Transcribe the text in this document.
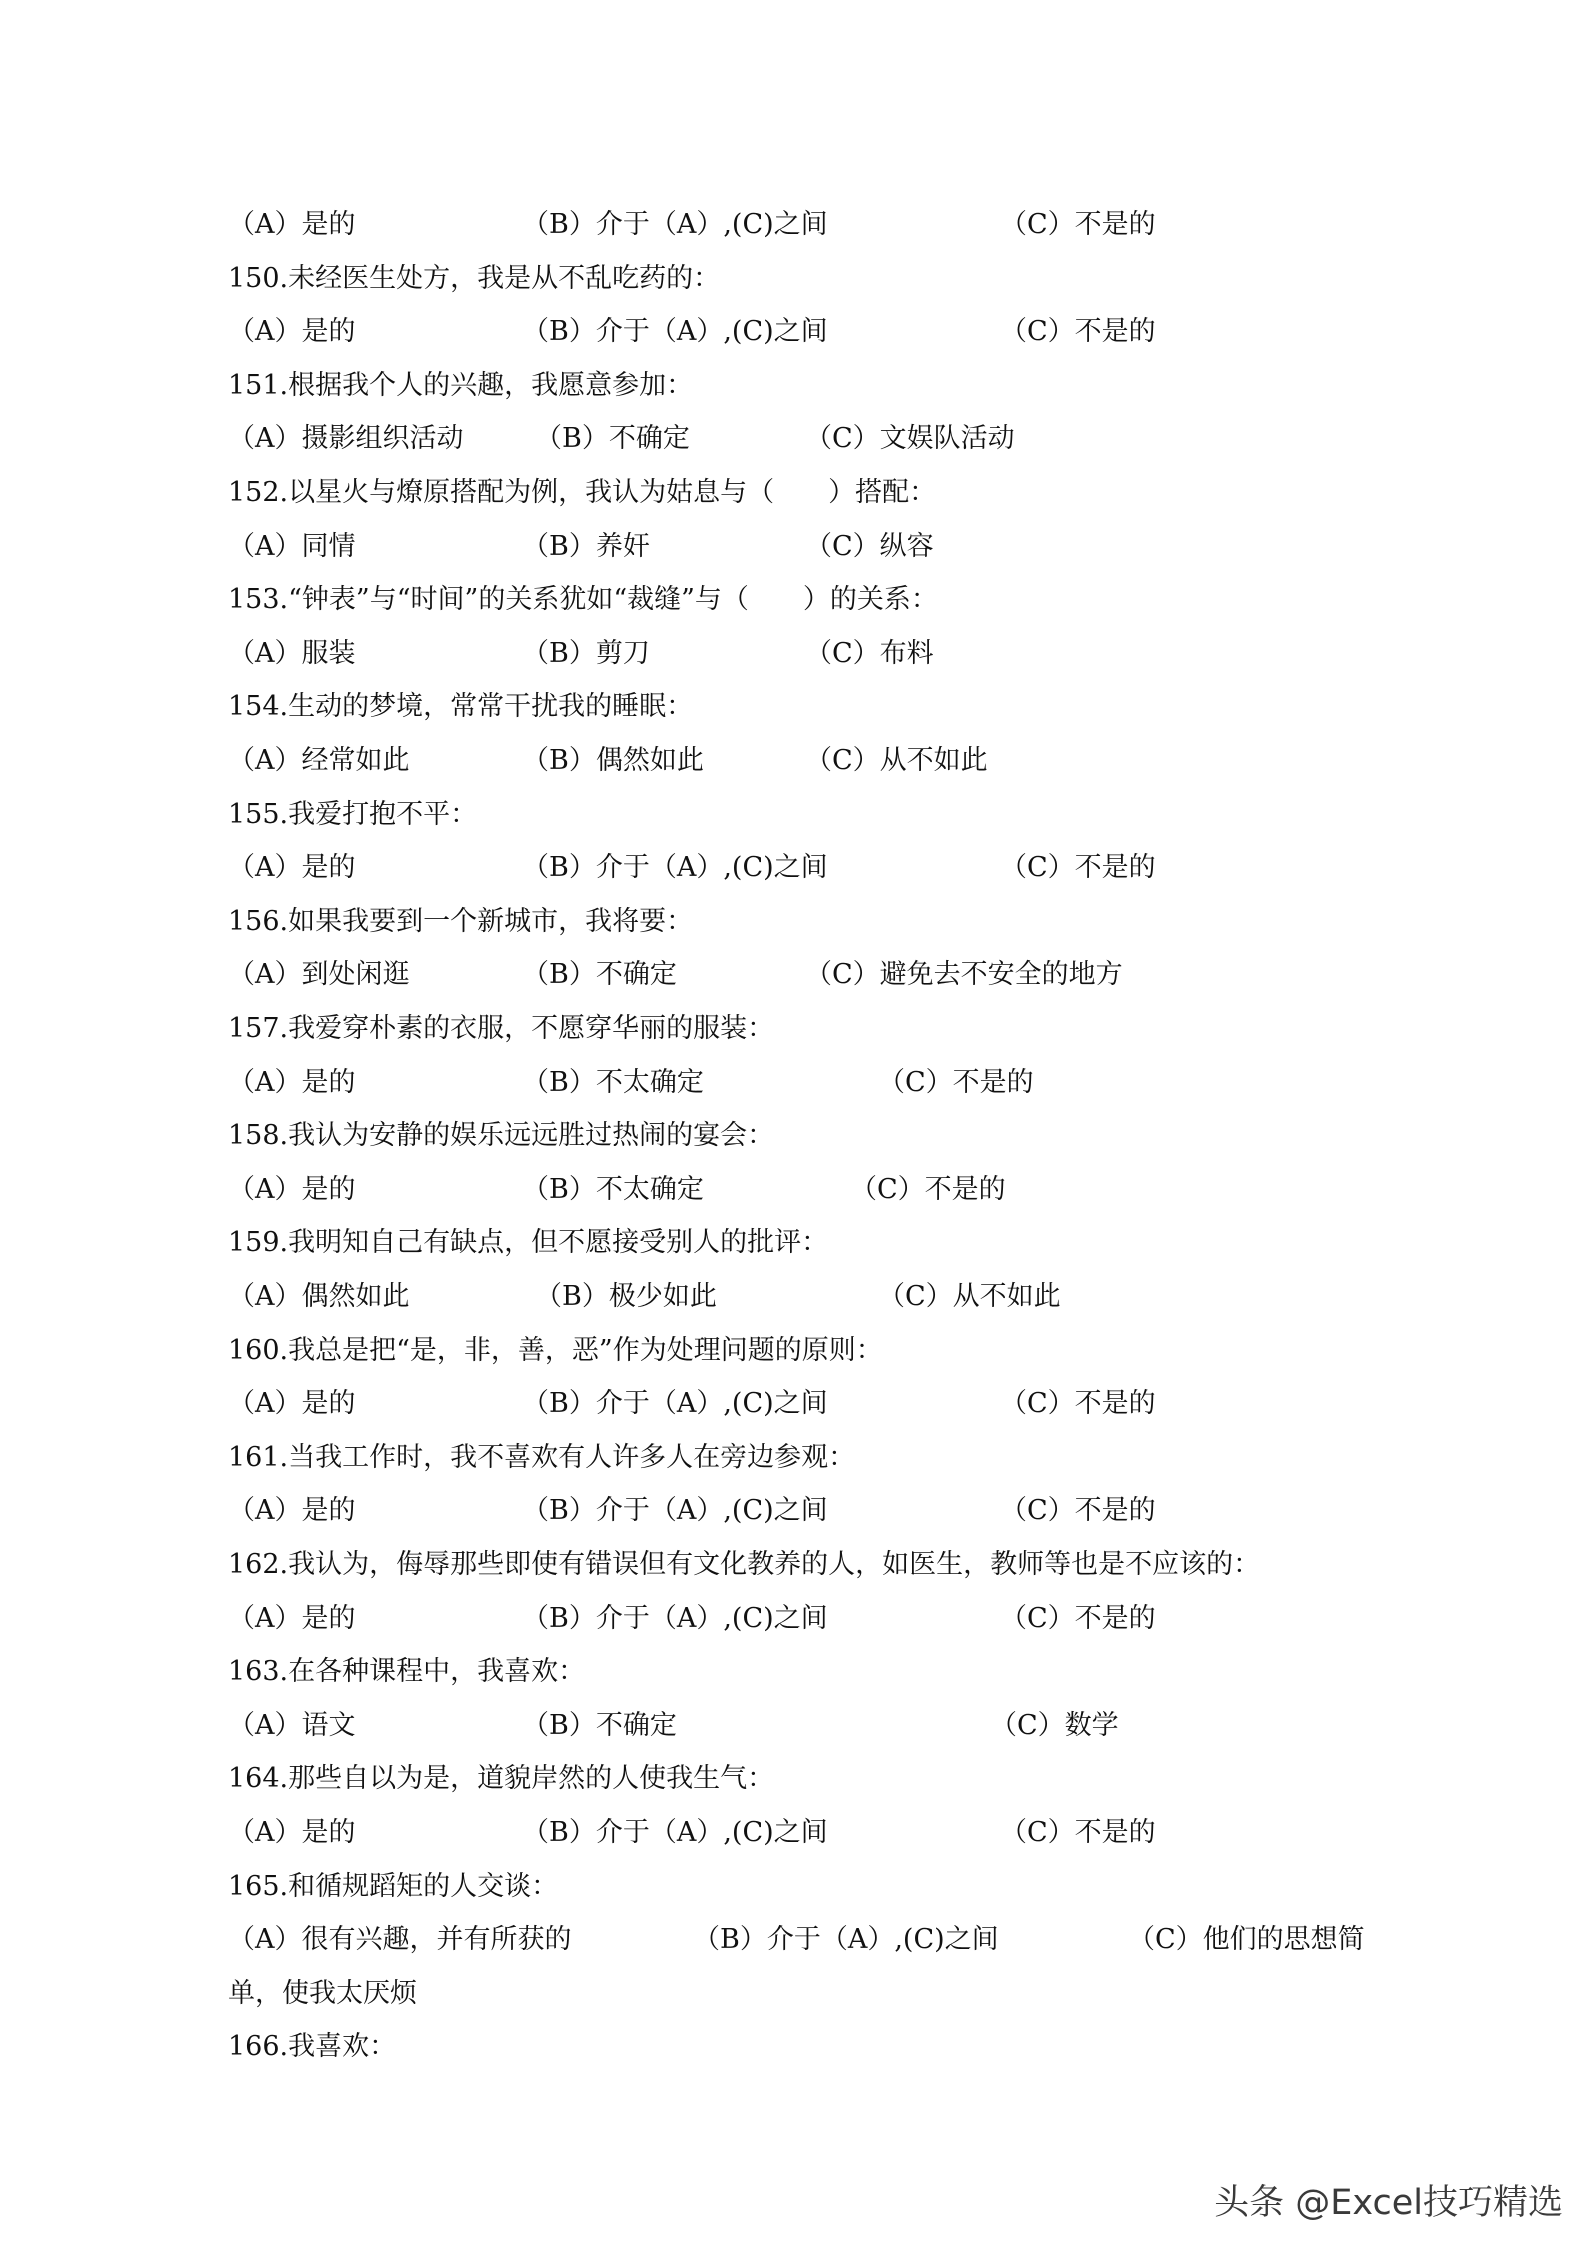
（A）是的	（B）介于（A）,(C)之间	（C）不是的
150.未经医生处方，我是从不乱吃药的：
（A）是的	（B）介于（A）,(C)之间	（C）不是的
151.根据我个人的兴趣，我愿意参加：
（A）摄影组织活动	（B）不确定	（C）文娱队活动
152.以星火与燎原搭配为例，我认为姑息与（　　）搭配：
（A）同情	（B）养奸	（C）纵容
153.“钟表”与“时间”的关系犹如“裁缝”与（　　）的关系：
（A）服装	（B）剪刀	（C）布料
154.生动的梦境，常常干扰我的睡眠：
（A）经常如此	（B）偶然如此	（C）从不如此
155.我爱打抱不平：
（A）是的	（B）介于（A）,(C)之间	（C）不是的
156.如果我要到一个新城市，我将要：
（A）到处闲逛	（B）不确定	（C）避免去不安全的地方
157.我爱穿朴素的衣服，不愿穿华丽的服装：
（A）是的	（B）不太确定	（C）不是的
158.我认为安静的娱乐远远胜过热闹的宴会：
（A）是的	（B）不太确定	（C）不是的
159.我明知自己有缺点，但不愿接受别人的批评：
（A）偶然如此	（B）极少如此	（C）从不如此
160.我总是把“是，非，善，恶”作为处理问题的原则：
（A）是的	（B）介于（A）,(C)之间	（C）不是的
161.当我工作时，我不喜欢有人许多人在旁边参观：
（A）是的	（B）介于（A）,(C)之间	（C）不是的
162.我认为，侮辱那些即使有错误但有文化教养的人，如医生，教师等也是不应该的：
（A）是的	（B）介于（A）,(C)之间	（C）不是的
163.在各种课程中，我喜欢：
（A）语文	（B）不确定	（C）数学
164.那些自以为是，道貌岸然的人使我生气：
（A）是的	（B）介于（A）,(C)之间	（C）不是的
165.和循规蹈矩的人交谈：
（A）很有兴趣，并有所获的	（B）介于（A）,(C)之间	（C）他们的思想简
单，使我太厌烦
166.我喜欢：
头条 @Excel技巧精选
